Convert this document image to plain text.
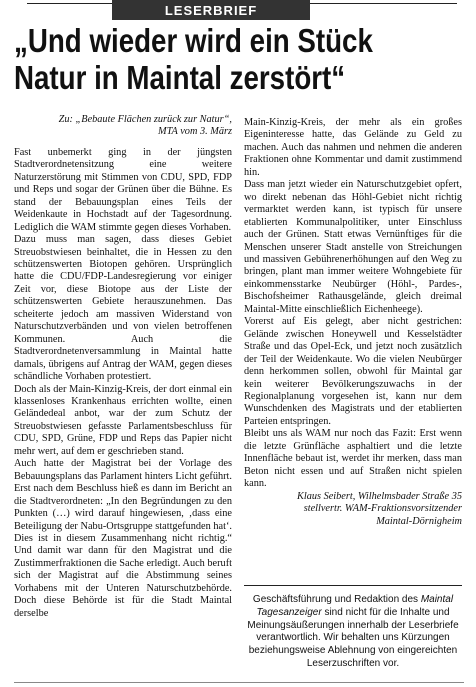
LESERBRIEF
„Und wieder wird ein Stück
Natur in Maintal zerstört“

Zu: „Bebaute Flächen zurück zur Natur“,
MTA vom 3. März

Fast unbemerkt ging in der jüngsten Stadtverordnetensitzung eine weitere Naturzerstörung mit Stimmen von CDU, SPD, FDP und Reps und sogar der Grünen über die Bühne. Es stand der Bebauungsplan eines Teils der Weidenkaute in Hochstadt auf der Tagesordnung. Lediglich die WAM stimmte gegen dieses Vorhaben.

Dazu muss man sagen, dass dieses Gebiet Streuobstwiesen beinhaltet, die in Hessen zu den schützenswerten Biotopen gehören. Ursprünglich hatte die CDU/FDP-Landesregierung vor einiger Zeit vor, diese Biotope aus der Liste der schützenswerten Gebiete herauszunehmen. Das scheiterte jedoch am massiven Widerstand von Naturschutzverbänden und von vielen betroffenen Kommunen. Auch die Stadtverordnetenversammlung in Maintal hatte damals, übrigens auf Antrag der WAM, gegen dieses schändliche Vorhaben protestiert.

Doch als der Main-Kinzig-Kreis, der dort einmal ein klassenloses Krankenhaus errichten wollte, einen Geländedeal anbot, war der zum Schutz der Streuobstwiesen gefasste Parlamentsbeschluss für CDU, SPD, Grüne, FDP und Reps das Papier nicht mehr wert, auf dem er geschrieben stand.

Auch hatte der Magistrat bei der Vorlage des Bebauungsplans das Parlament hinters Licht geführt. Erst nach dem Beschluss hieß es dann im Bericht an die Stadtverordneten: „In den Begründungen zu den Punkten (…) wird darauf hingewiesen, ‚dass eine Beteiligung der Nabu-Ortsgruppe stattgefunden hat‘. Dies ist in diesem Zusammenhang nicht richtig.“ Und damit war dann für den Magistrat und die Zustimmerfraktionen die Sache erledigt. Auch beruft sich der Magistrat auf die Abstimmung seines Vorhabens mit der Unteren Naturschutzbehörde. Doch diese Behörde ist für die Stadt Maintal derselbe

Main-Kinzig-Kreis, der mehr als ein großes Eigeninteresse hatte, das Gelände zu Geld zu machen. Auch das nahmen und nehmen die anderen Fraktionen ohne Kommentar und damit zustimmend hin.

Dass man jetzt wieder ein Naturschutzgebiet opfert, wo direkt nebenan das Höhl-Gebiet nicht richtig vermarktet werden kann, ist typisch für unsere etablierten Kommunalpolitiker, unter Einschluss auch der Grünen. Statt etwas Vernünftiges für die Menschen unserer Stadt anstelle von Streichungen und massiven Gebührenerhöhungen auf den Weg zu bringen, plant man immer weitere Wohngebiete für einkommensstarke Neubürger (Höhl-, Pardes-, Bischofsheimer Rathausgelände, gleich dreimal Maintal-Mitte einschließlich Eichenheege).

Vorerst auf Eis gelegt, aber nicht gestrichen: Gelände zwischen Honeywell und Kesselstädter Straße und das Opel-Eck, und jetzt noch zusätzlich der Teil der Weidenkaute. Wo die vielen Neubürger denn herkommen sollen, obwohl für Maintal gar kein weiterer Bevölkerungszuwachs in der Regionalplanung vorgesehen ist, kann nur dem Wunschdenken des Magistrats und der etablierten Parteien entspringen.

Bleibt uns als WAM nur noch das Fazit: Erst wenn die letzte Grünfläche asphaltiert und die letzte Innenfläche bebaut ist, werdet ihr merken, dass man Beton nicht essen und auf Straßen nicht spielen kann.

Klaus Seibert, Wilhelmsbader Straße 35
stellvertr. WAM-Fraktionsvorsitzender
Maintal-Dörnigheim

Geschäftsführung und Redaktion des Maintal Tagesanzeiger sind nicht für die Inhalte und Meinungsäußerungen innerhalb der Leserbriefe verantwortlich. Wir behalten uns Kürzungen beziehungsweise Ablehnung von eingereichten Leserzuschriften vor.
